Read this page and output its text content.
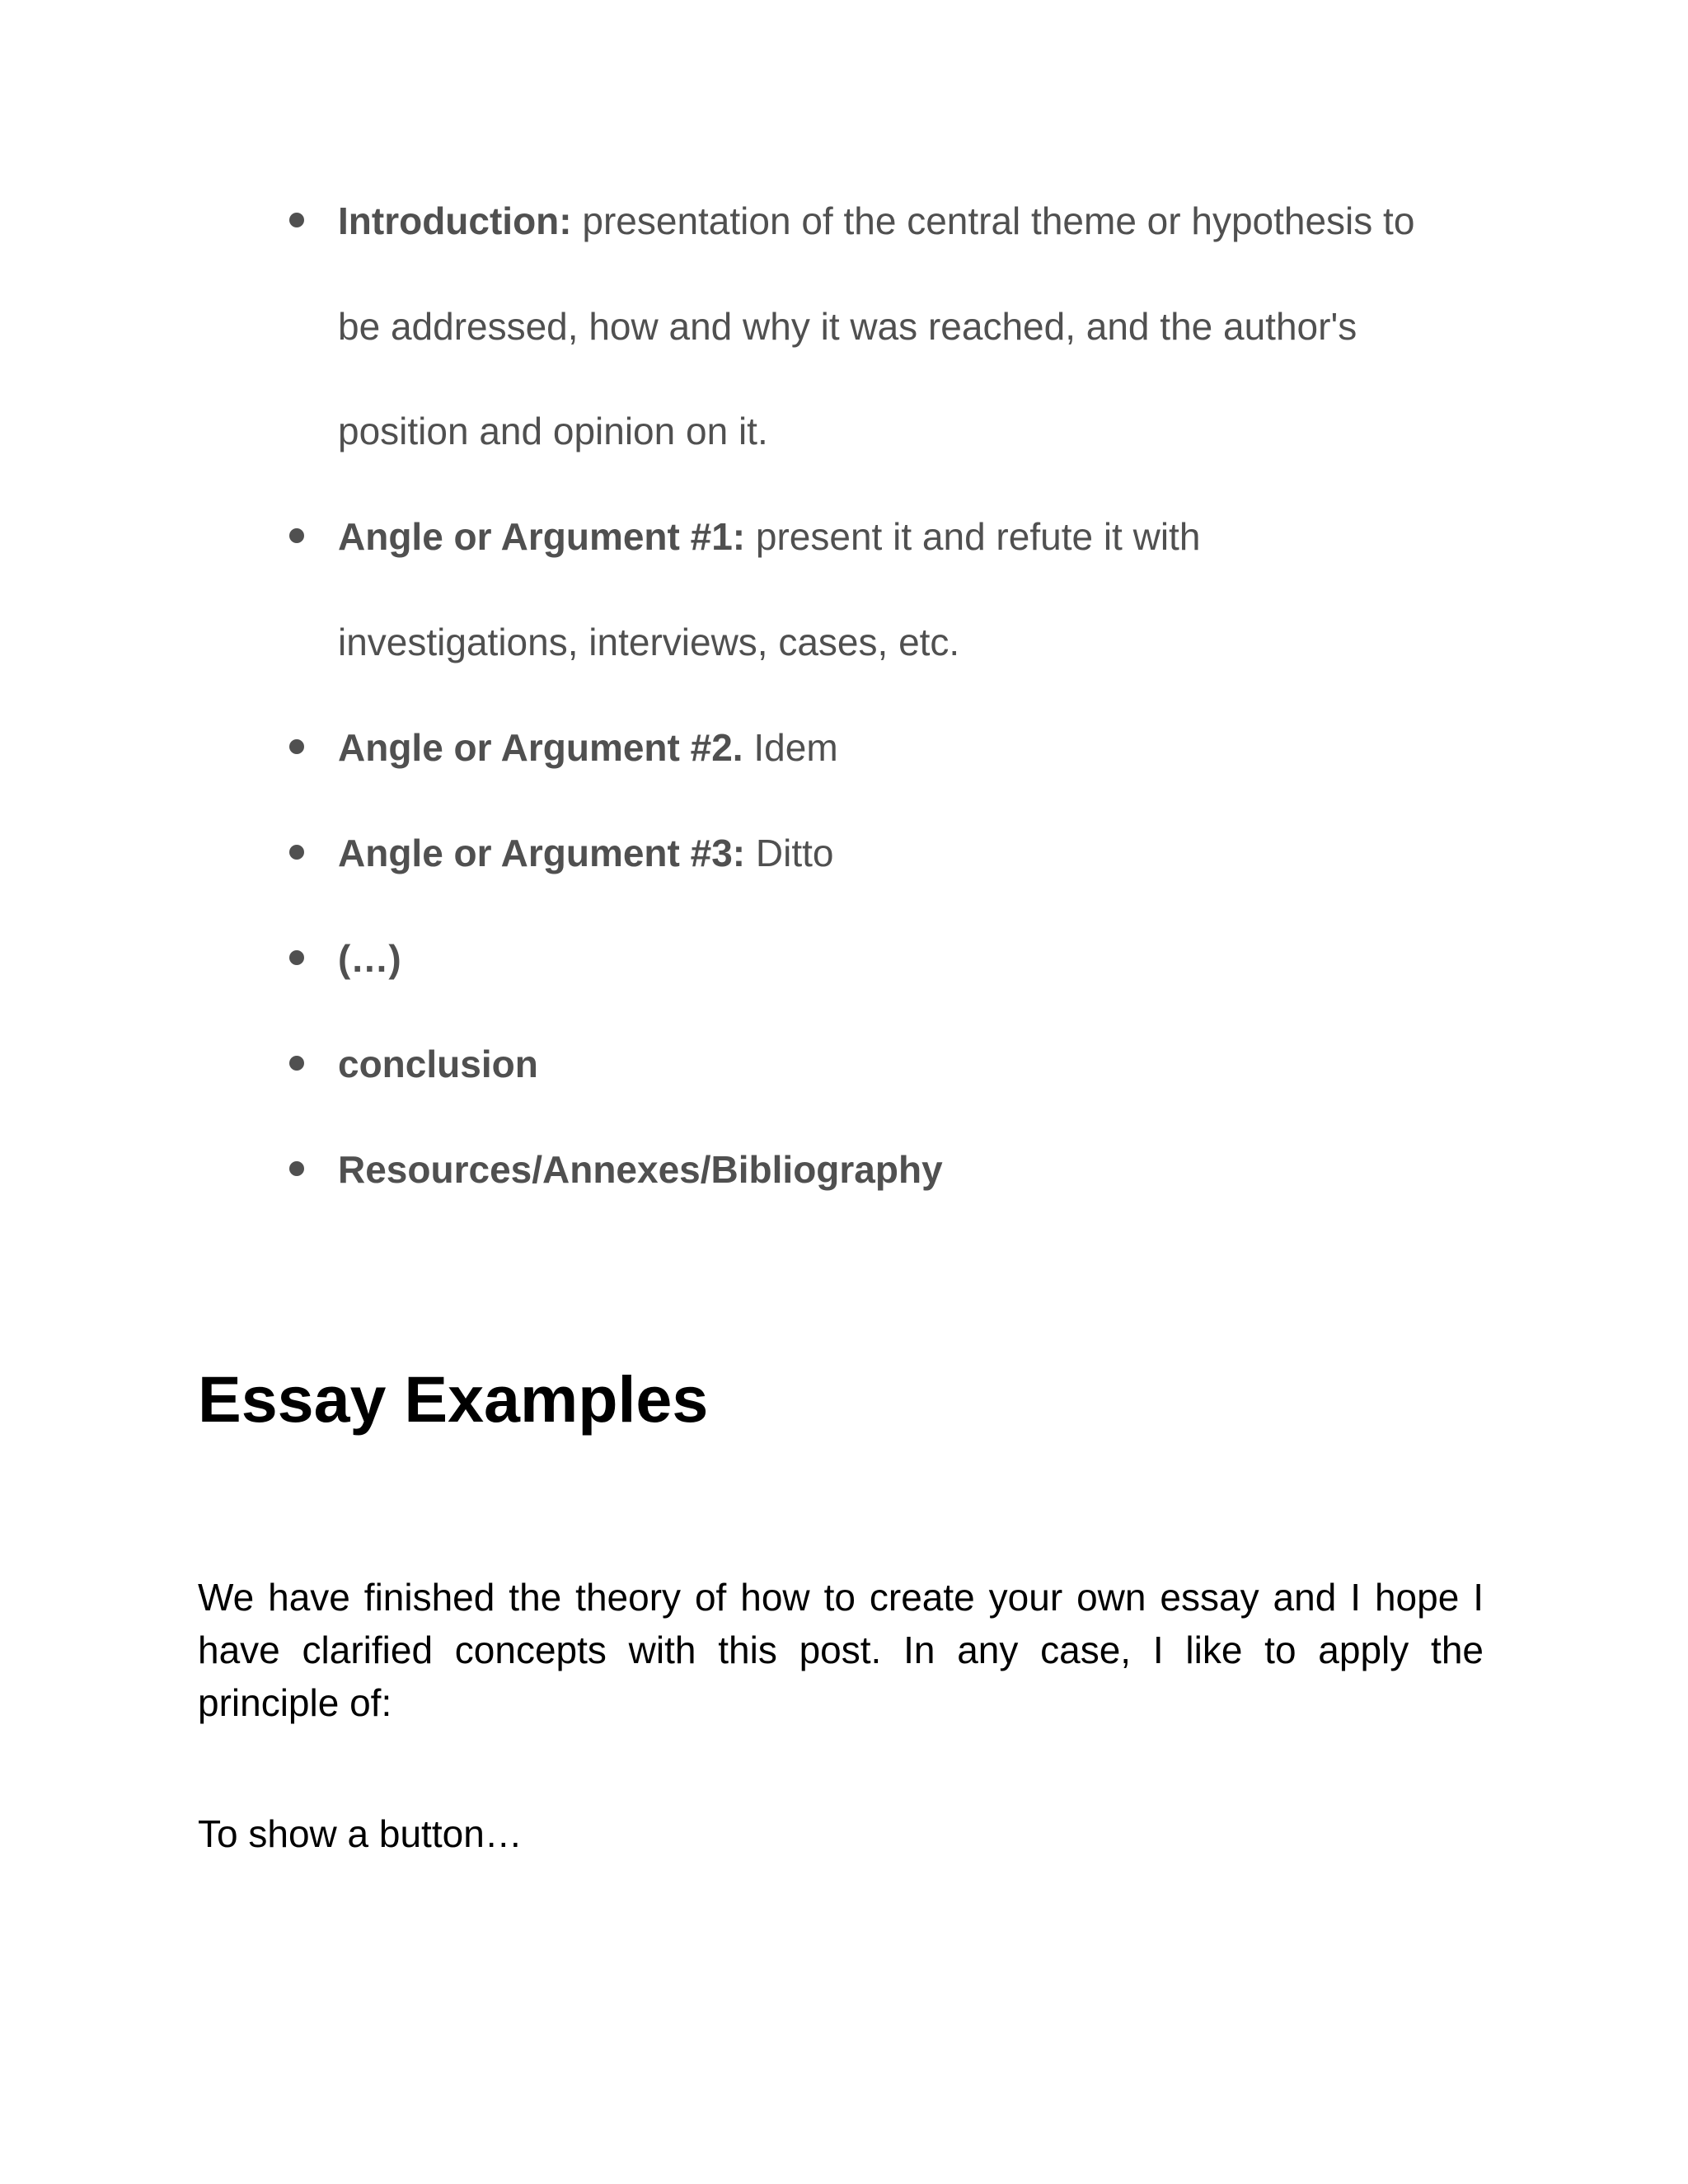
Introduction: presentation of the central theme or hypothesis to
be addressed, how and why it was reached, and the author's
position and opinion on it.
Angle or Argument #1: present it and refute it with
investigations, interviews, cases, etc.
Angle or Argument #2. Idem
Angle or Argument #3: Ditto
(…)
conclusion
Resources/Annexes/Bibliography
Essay Examples

We have finished the theory of how to create your own essay and I hope I have clarified concepts with this post. In any case, I like to apply the principle of:

To show a button…
